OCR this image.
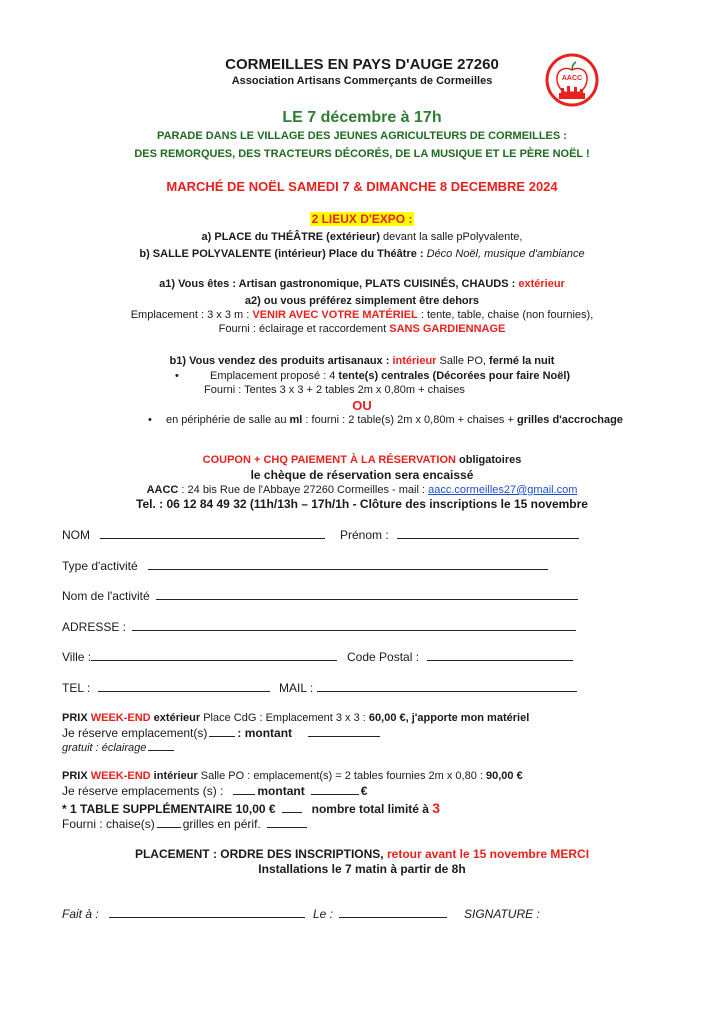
CORMEILLES EN PAYS D'AUGE 27260
Association Artisans Commerçants de Cormeilles	AACC
LE 7 décembre à 17h
PARADE DANS LE VILLAGE DES JEUNES AGRICULTEURS DE CORMEILLES :
DES REMORQUES, DES TRACTEURS DÉCORÉS, DE LA MUSIQUE ET LE PÈRE NOËL !
MARCHÉ DE NOËL SAMEDI 7 & DIMANCHE 8 DECEMBRE 2024
2 LIEUX D'EXPO :
a) PLACE du THÉÂTRE (extérieur) devant la salle pPolyvalente,
b) SALLE POLYVALENTE (intérieur) Place du Théâtre : Déco Noël, musique d'ambiance
a1) Vous êtes : Artisan gastronomique, PLATS CUISINÉS, CHAUDS : extérieur
a2) ou vous préférez simplement être dehors
Emplacement : 3 x 3 m : VENIR AVEC VOTRE MATÉRIEL : tente, table, chaise (non fournies),
Fourni : éclairage et raccordement SANS GARDIENNAGE
b1) Vous vendez des produits artisanaux : intérieur Salle PO, fermé la nuit
•	Emplacement proposé : 4 tente(s) centrales (Décorées pour faire Noël)
Fourni : Tentes 3 x 3 + 2 tables 2m x 0,80m + chaises
OU
• en périphérie de salle au ml : fourni : 2 table(s) 2m x 0,80m + chaises + grilles d'accrochage
COUPON + CHQ PAIEMENT À LA RÉSERVATION obligatoires
le chèque de réservation sera encaissé
AACC : 24 bis Rue de l'Abbaye 27260 Cormeilles - mail : aacc.cormeilles27@gmail.com
Tel. : 06 12 84 49 32 (11h/13h – 17h/1h - Clôture des inscriptions le 15 novembre
NOM	Prénom :
Type d'activité
Nom de l'activité
ADRESSE :
Ville :	Code Postal :
TEL :	MAIL :
PRIX WEEK-END extérieur Place CdG : Emplacement 3 x 3 : 60,00 €, j'apporte mon matériel
Je réserve emplacement(s)	: montant
gratuit : éclairage
PRIX WEEK-END intérieur Salle PO : emplacement(s) = 2 tables fournies 2m x 0,80 : 90,00 €
Je réserve emplacements (s) :	montant	€
* 1 TABLE SUPPLÉMENTAIRE 10,00 €	nombre total limité à 3
Fourni : chaise(s) grilles en périf.
PLACEMENT : ORDRE DES INSCRIPTIONS, retour avant le 15 novembre MERCI
Installations le 7 matin à partir de 8h
Fait à :	Le :	SIGNATURE :
